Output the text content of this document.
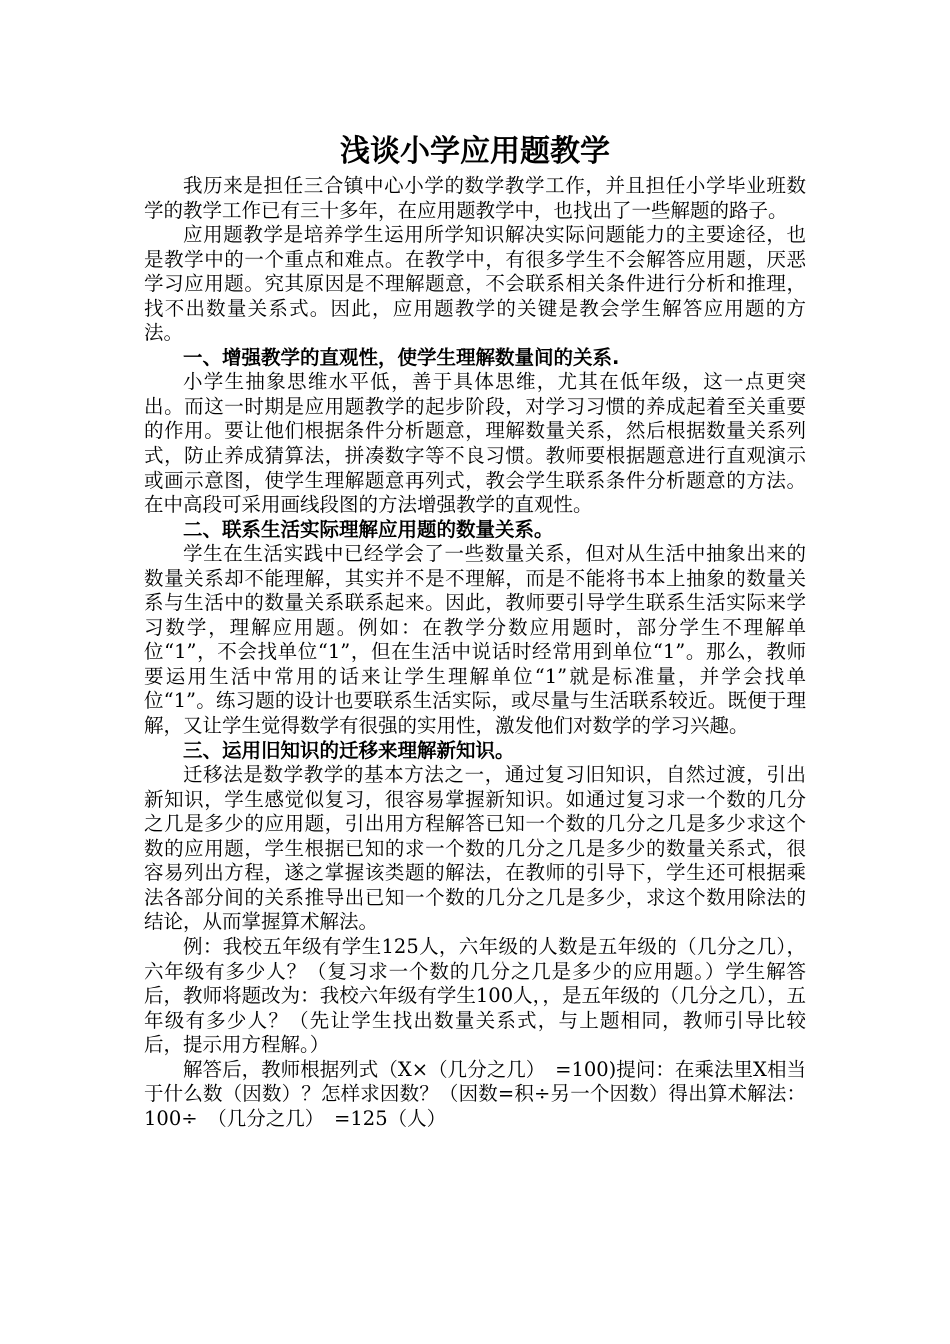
浅谈小学应用题教学

我历来是担任三合镇中心小学的数学教学工作，并且担任小学毕业班数学的教学工作已有三十多年，在应用题教学中，也找出了一些解题的路子。

应用题教学是培养学生运用所学知识解决实际问题能力的主要途径，也是教学中的一个重点和难点。在教学中，有很多学生不会解答应用题，厌恶学习应用题。究其原因是不理解题意，不会联系相关条件进行分析和推理，找不出数量关系式。因此，应用题教学的关键是教会学生解答应用题的方法。

一、增强教学的直观性，使学生理解数量间的关系.

小学生抽象思维水平低，善于具体思维，尤其在低年级，这一点更突出。而这一时期是应用题教学的起步阶段，对学习习惯的养成起着至关重要的作用。要让他们根据条件分析题意，理解数量关系，然后根据数量关系列式，防止养成猜算法，拼凑数字等不良习惯。教师要根据题意进行直观演示或画示意图，使学生理解题意再列式，教会学生联系条件分析题意的方法。在中高段可采用画线段图的方法增强教学的直观性。

二、联系生活实际理解应用题的数量关系。

学生在生活实践中已经学会了一些数量关系，但对从生活中抽象出来的数量关系却不能理解，其实并不是不理解，而是不能将书本上抽象的数量关系与生活中的数量关系联系起来。因此，教师要引导学生联系生活实际来学习数学，理解应用题。例如：在教学分数应用题时，部分学生不理解单位“1”，不会找单位“1”，但在生活中说话时经常用到单位“1”。那么，教师要运用生活中常用的话来让学生理解单位“1”就是标准量，并学会找单位“1”。练习题的设计也要联系生活实际，或尽量与生活联系较近。既便于理解，又让学生觉得数学有很强的实用性，激发他们对数学的学习兴趣。

三、运用旧知识的迁移来理解新知识。

迁移法是数学教学的基本方法之一，通过复习旧知识，自然过渡，引出新知识，学生感觉似复习，很容易掌握新知识。如通过复习求一个数的几分之几是多少的应用题，引出用方程解答已知一个数的几分之几是多少求这个数的应用题，学生根据已知的求一个数的几分之几是多少的数量关系式，很容易列出方程，遂之掌握该类题的解法，在教师的引导下，学生还可根据乘法各部分间的关系推导出已知一个数的几分之几是多少，求这个数用除法的结论，从而掌握算术解法。

例：我校五年级有学生125人，六年级的人数是五年级的（几分之几），六年级有多少人？（复习求一个数的几分之几是多少的应用题。）学生解答后，教师将题改为：我校六年级有学生100人，，是五年级的（几分之几），五年级有多少人？（先让学生找出数量关系式，与上题相同，教师引导比较后，提示用方程解。）

解答后，教师根据列式（X×（几分之几）　=100)提问：在乘法里X相当于什么数（因数）？怎样求因数？（因数=积÷另一个因数）得出算术解法：100÷　（几分之几）　=125（人）
